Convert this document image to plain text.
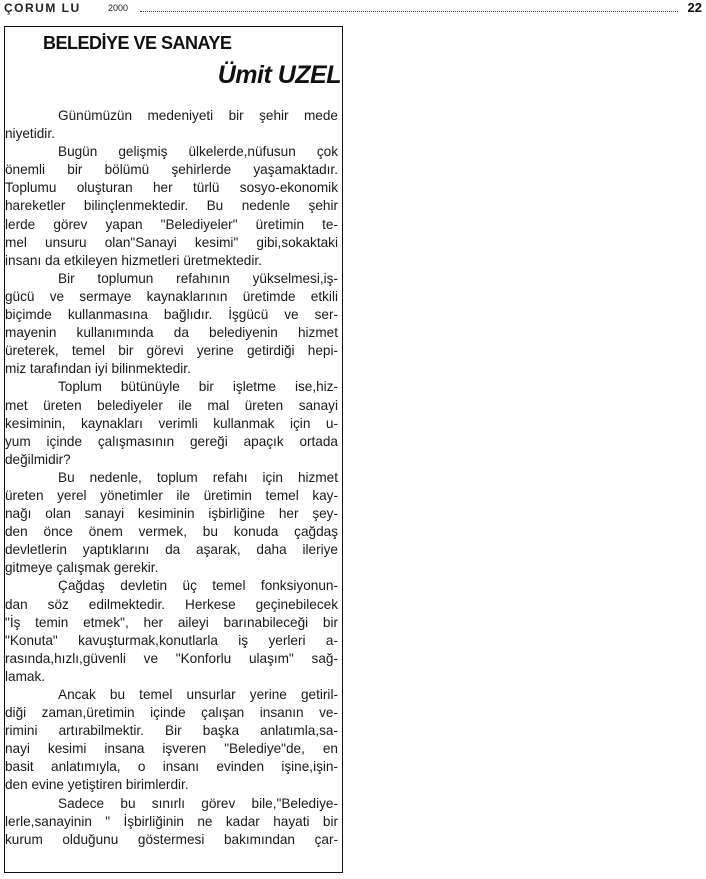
ÇORUM LU	2000	22
BELEDİYE VE SANAYE
Ümit UZEL
Günümüzün medeniyeti bir şehir mede
niyetidir.
Bugün gelişmiş ülkelerde,nüfusun çok
önemli bir bölümü şehirlerde yaşamaktadır.
Toplumu oluşturan her türlü sosyo-ekonomik
hareketler bilinçlenmektedir. Bu nedenle şehir
lerde görev yapan "Belediyeler" üretimin te-
mel unsuru olan"Sanayi kesimi" gibi,sokaktaki
insanı da etkileyen hizmetleri üretmektedir.
Bir toplumun refahının yükselmesi,iş-
gücü ve sermaye kaynaklarının üretimde etkili
biçimde kullanmasına bağlıdır. İşgücü ve ser-
mayenin kullanımında da belediyenin hizmet
üreterek, temel bir görevi yerine getirdiği hepi-
miz tarafından iyi bilinmektedir.
Toplum bütünüyle bir işletme ise,hiz-
met üreten belediyeler ile mal üreten sanayi
kesiminin, kaynakları verimli kullanmak için u-
yum içinde çalışmasının gereği apaçık ortada
değilmidir?
Bu nedenle, toplum refahı için hizmet
üreten yerel yönetimler ile üretimin temel kay-
nağı olan sanayi kesiminin işbirliğine her şey-
den önce önem vermek, bu konuda çağdaş
devletlerin yaptıklarını da aşarak, daha ileriye
gitmeye çalışmak gerekir.
Çağdaş devletin üç temel fonksiyonun-
dan söz edilmektedir. Herkese geçinebilecek
"İş temin etmek", her aileyi barınabileceği bir
"Konuta" kavuşturmak,konutlarla iş yerleri a-
rasında,hızlı,güvenli ve "Konforlu ulaşım" sağ-
lamak.
Ancak bu temel unsurlar yerine getiril-
diği zaman,üretimin içinde çalışan insanın ve-
rimini artırabilmektir. Bir başka anlatımla,sa-
nayi kesimi insana işveren "Belediye"de, en
basit anlatımıyla, o insanı evinden işine,işin-
den evine yetiştiren birimlerdir.
Sadece bu sınırlı görev bile,"Belediye-
lerle,sanayinin " İşbirliğinin ne kadar hayati bir
kurum olduğunu göstermesi bakımından çar-
